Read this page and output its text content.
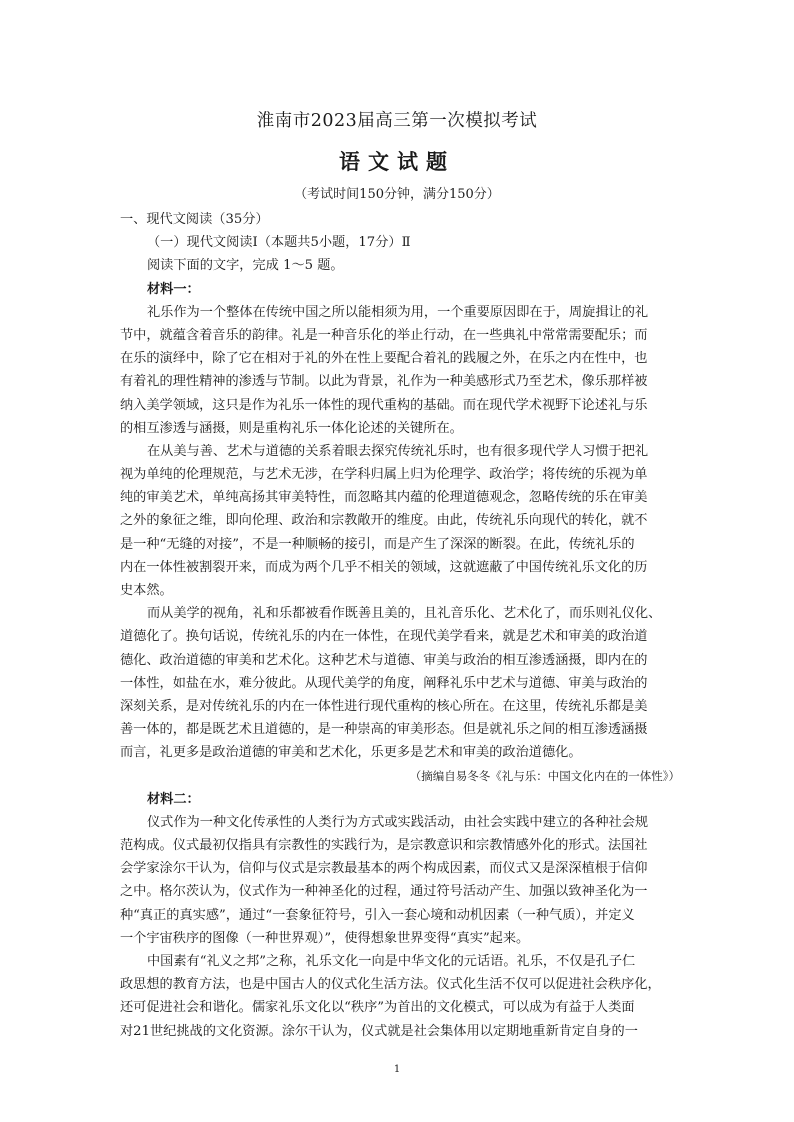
淮南市2023届高三第一次模拟考试
语文试题
（考试时间150分钟，满分150分）
一、现代文阅读（35分）
（一）现代文阅读Ⅰ（本题共5小题，17分）Ⅱ
阅读下面的文字，完成 1～5 题。
材料一：
礼乐作为一个整体在传统中国之所以能相须为用，一个重要原因即在于，周旋揖让的礼
节中，就蕴含着音乐的韵律。礼是一种音乐化的举止行动，在一些典礼中常常需要配乐；而
在乐的演绎中，除了它在相对于礼的外在性上要配合着礼的践履之外，在乐之内在性中，也
有着礼的理性精神的渗透与节制。以此为背景，礼作为一种美感形式乃至艺术，像乐那样被
纳入美学领域，这只是作为礼乐一体性的现代重构的基础。而在现代学术视野下论述礼与乐
的相互渗透与涵摄，则是重构礼乐一体化论述的关键所在。
在从美与善、艺术与道德的关系着眼去探究传统礼乐时，也有很多现代学人习惯于把礼
视为单纯的伦理规范，与艺术无涉，在学科归属上归为伦理学、政治学；将传统的乐视为单
纯的审美艺术，单纯高扬其审美特性，而忽略其内蕴的伦理道德观念，忽略传统的乐在审美
之外的象征之维，即向伦理、政治和宗教敞开的维度。由此，传统礼乐向现代的转化，就不
是一种“无缝的对接”，不是一种顺畅的接引，而是产生了深深的断裂。在此，传统礼乐的
内在一体性被割裂开来，而成为两个几乎不相关的领域，这就遮蔽了中国传统礼乐文化的历
史本然。
而从美学的视角，礼和乐都被看作既善且美的，且礼音乐化、艺术化了，而乐则礼仪化、
道德化了。换句话说，传统礼乐的内在一体性，在现代美学看来，就是艺术和审美的政治道
德化、政治道德的审美和艺术化。这种艺术与道德、审美与政治的相互渗透涵摄，即内在的
一体性，如盐在水，难分彼此。从现代美学的角度，阐释礼乐中艺术与道德、审美与政治的
深刻关系，是对传统礼乐的内在一体性进行现代重构的核心所在。在这里，传统礼乐都是美
善一体的，都是既艺术且道德的，是一种崇高的审美形态。但是就礼乐之间的相互渗透涵摄
而言，礼更多是政治道德的审美和艺术化，乐更多是艺术和审美的政治道德化。
（摘编自易冬冬《礼与乐：中国文化内在的一体性》）
材料二：
仪式作为一种文化传承性的人类行为方式或实践活动，由社会实践中建立的各种社会规
范构成。仪式最初仅指具有宗教性的实践行为，是宗教意识和宗教情感外化的形式。法国社
会学家涂尔干认为，信仰与仪式是宗教最基本的两个构成因素，而仪式又是深深植根于信仰
之中。格尔茨认为，仪式作为一种神圣化的过程，通过符号活动产生、加强以致神圣化为一
种“真正的真实感”，通过“一套象征符号，引入一套心境和动机因素（一种气质），并定义
一个宇宙秩序的图像（一种世界观）”，使得想象世界变得“真实”起来。
中国素有“礼义之邦”之称，礼乐文化一向是中华文化的元话语。礼乐，不仅是孔子仁
政思想的教育方法，也是中国古人的仪式化生活方法。仪式化生活不仅可以促进社会秩序化，
还可促进社会和谐化。儒家礼乐文化以“秩序”为首出的文化模式，可以成为有益于人类面
对21世纪挑战的文化资源。涂尔干认为，仪式就是社会集体用以定期地重新肯定自身的一
1
